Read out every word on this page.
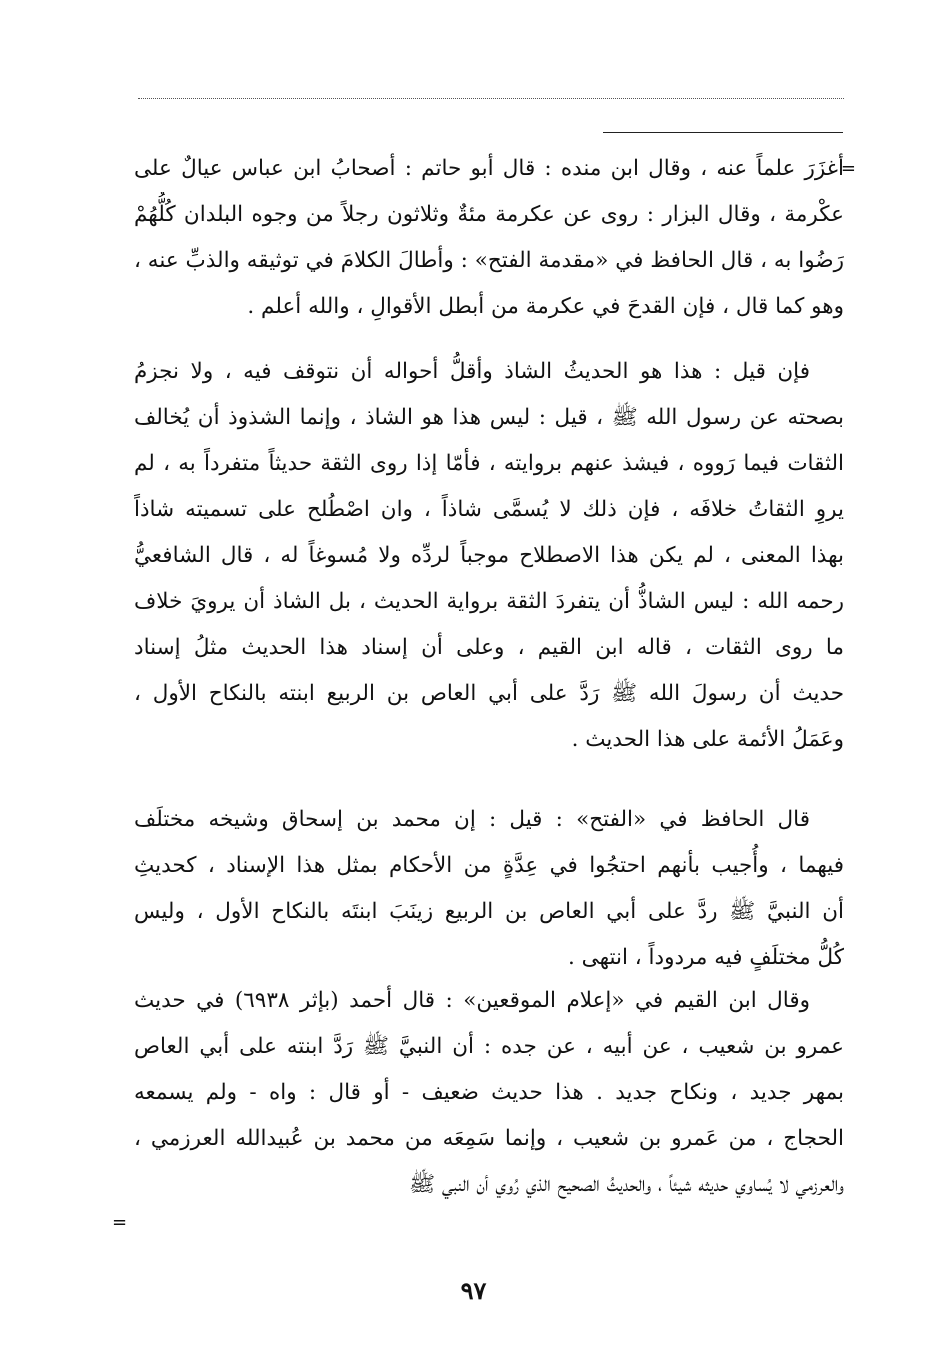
=
أغزَرَ علماً عنه ، وقال ابن منده : قال أبو حاتم : أصحابُ ابن عباس عيالٌ على
عكْرمة ، وقال البزار : روى عن عكرمة مئةٌ وثلاثون رجلاً من وجوه البلدان كُلُّهُمْ
رَضُوا به ، قال الحافظ في «مقدمة الفتح» : وأطالَ الكلامَ في توثيقه والذبِّ عنه ،
وهو كما قال ، فإن القدحَ في عكرمة من أبطل الأقوالِ ، والله أعلم .
فإن قيل : هذا هو الحديثُ الشاذ وأقلُّ أحواله أن نتوقف فيه ، ولا نجزمُ
بصحته عن رسول الله ﷺ ، قيل : ليس هذا هو الشاذ ، وإنما الشذوذ أن يُخالف
الثقات فيما رَووه ، فيشذ عنهم بروايته ، فأمّا إذا روى الثقة حديثاً متفرداً به ، لم
يروِ الثقاتُ خلافَه ، فإن ذلك لا يُسمَّى شاذاً ، وان اصْطُلح على تسميته شاذاً
بهذا المعنى ، لم يكن هذا الاصطلاح موجباً لردِّه ولا مُسوغاً له ، قال الشافعيُّ
رحمه الله : ليس الشاذُّ أن يتفردَ الثقة برواية الحديث ، بل الشاذ أن يرويَ خلاف
ما روى الثقات ، قاله ابن القيم ، وعلى أن إسناد هذا الحديث مثلُ إسناد
حديث أن رسولَ الله ﷺ رَدَّ على أبي العاص بن الربيع ابنته بالنكاح الأول ،
وعَمَلُ الأئمة على هذا الحديث .
قال الحافظ في «الفتح» : قيل : إن محمد بن إسحاق وشيخه مختلَف
فيهما ، وأُجيب بأنهم احتجُوا في عِدَّةٍ من الأحكام بمثل هذا الإسناد ، كحديثِ
أن النبيَّ ﷺ ردَّ على أبي العاص بن الربيع زينَبَ ابنتَه بالنكاح الأول ، وليس
كُلُّ مختلَفٍ فيه مردوداً ، انتهى .
وقال ابن القيم في «إعلام الموقعين» : قال أحمد (بإثر ٦٩٣٨) في حديث
عمرو بن شعيب ، عن أبيه ، عن جده : أن النبيَّ ﷺ رَدَّ ابنته على أبي العاص
بمهر جديد ، ونكاح جديد . هذا حديث ضعيف - أو قال : واه - ولم يسمعه
الحجاج ، من عَمرو بن شعيب ، وإنما سَمِعَه من محمد بن عُبيدالله العرزمي ،
والعرزمي لا يُساوي حديثه شيئاً ، والحديثُ الصحيح الذي رُوي أن النبي ﷺ
=
٩٧
